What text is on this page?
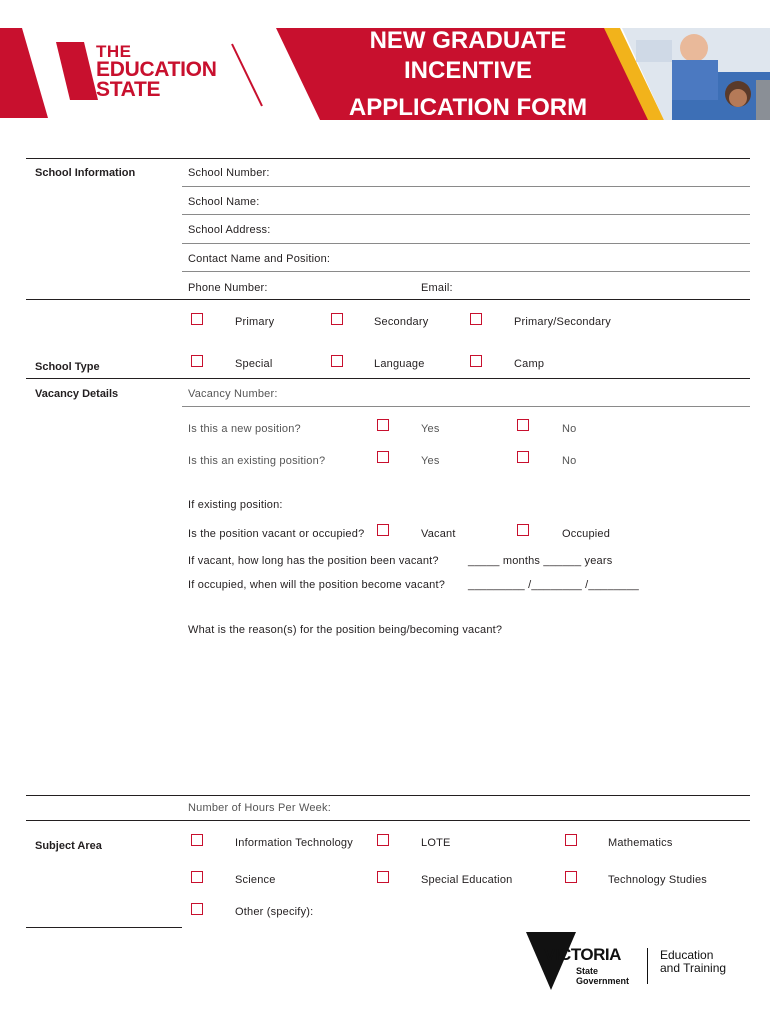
THE
EDUCATION
STATE
NEW GRADUATE
INCENTIVE
APPLICATION FORM
School Information	School Number:
School Name:
School Address:
Contact Name and Position:
Phone Number:	Email:
Primary	Secondary	Primary/Secondary
Special	Language	Camp
School Type
Vacancy Details	Vacancy Number:
Is this a new position?	Yes	No
Is this an existing position?	Yes	No
If existing position:
Is the position vacant or occupied?	Vacant	Occupied
If vacant, how long has the position been vacant?	_____ months ______ years
If occupied, when will the position become vacant? _________ /________ /________
What is the reason(s) for the position being/becoming vacant?
Number of Hours Per Week:
Subject Area	Information Technology	LOTE	Mathematics
Science	Special Education	Technology Studies
Other (specify):
VICTORIA
State
Government
Education
and Training
